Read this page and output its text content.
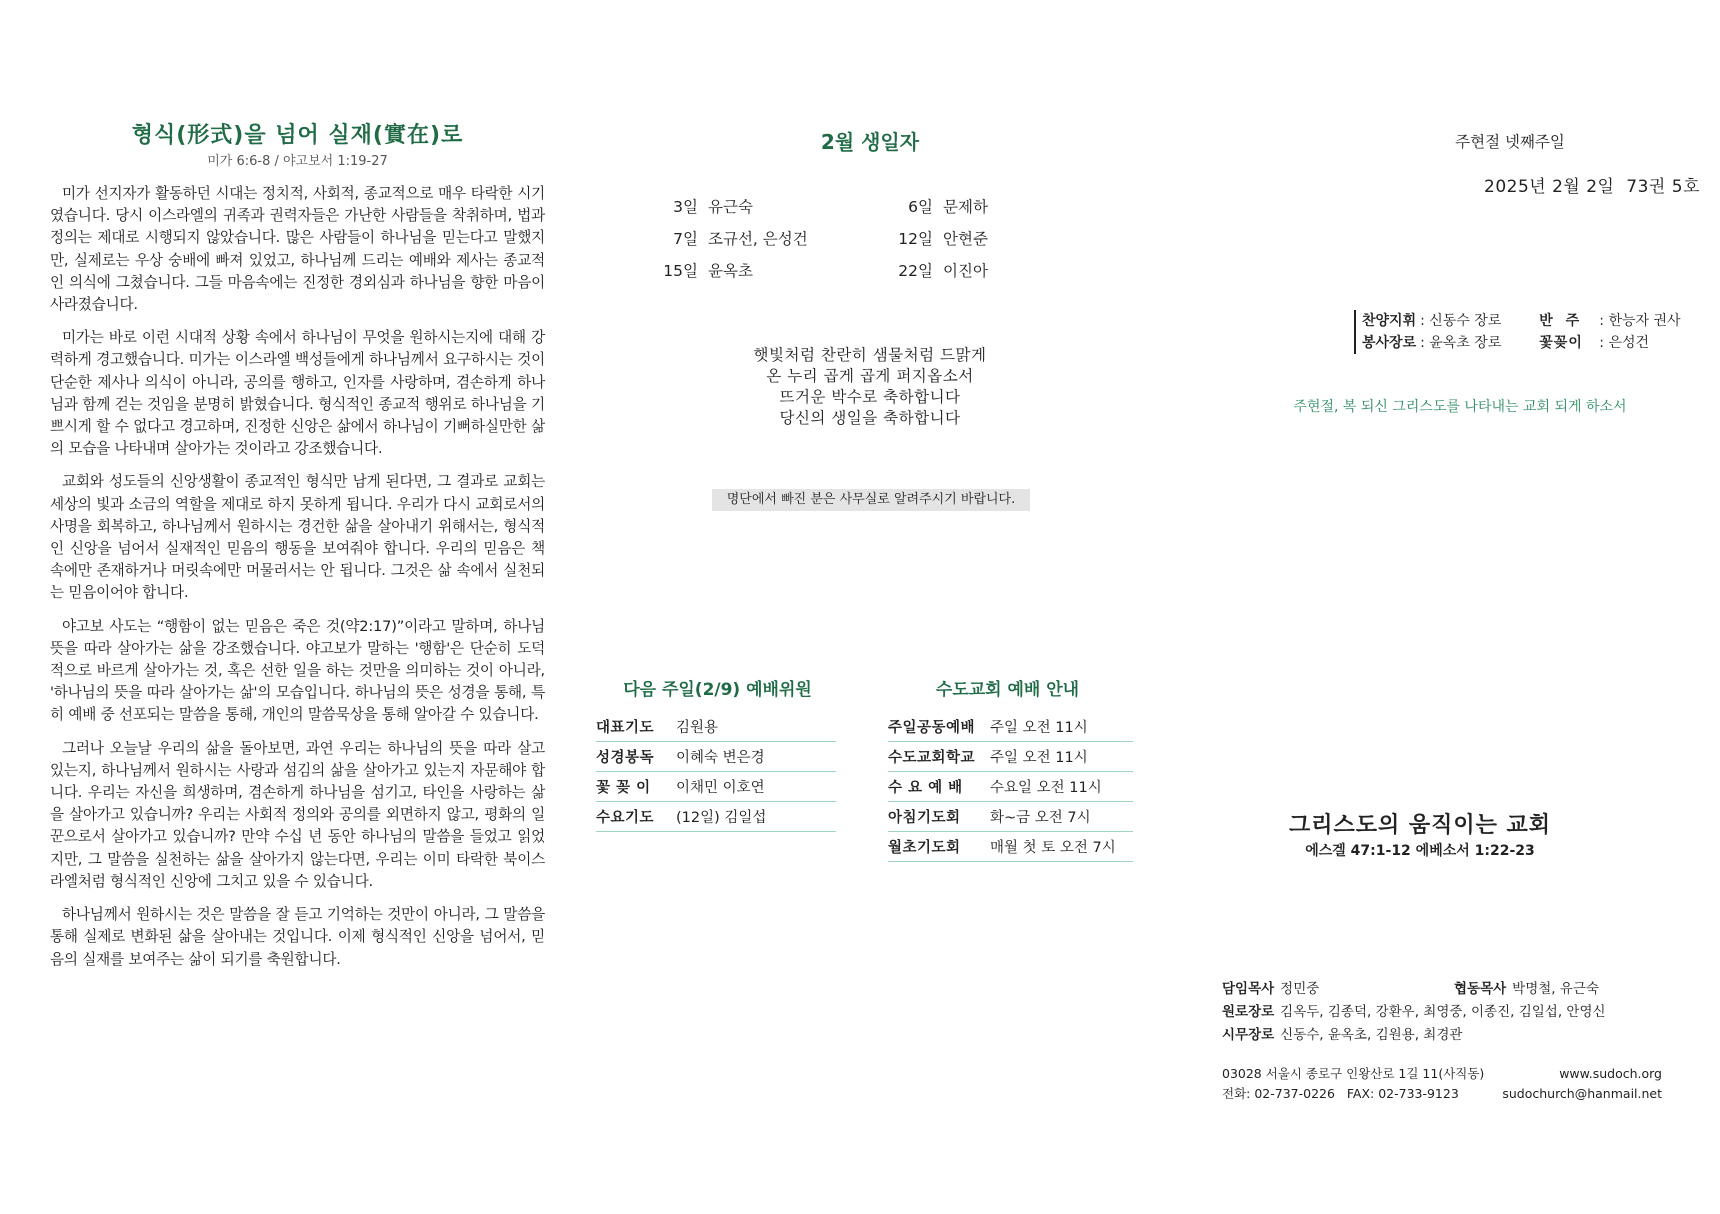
형식(形式)을 넘어 실재(實在)로
미가 6:6-8 / 야고보서 1:19-27

미가 선지자가 활동하던 시대는 정치적, 사회적, 종교적으로 매우 타락한 시기였습니다. 당시 이스라엘의 귀족과 권력자들은 가난한 사람들을 착취하며, 법과 정의는 제대로 시행되지 않았습니다. 많은 사람들이 하나님을 믿는다고 말했지만, 실제로는 우상 숭배에 빠져 있었고, 하나님께 드리는 예배와 제사는 종교적인 의식에 그쳤습니다. 그들 마음속에는 진정한 경외심과 하나님을 향한 마음이 사라졌습니다.

미가는 바로 이런 시대적 상황 속에서 하나님이 무엇을 원하시는지에 대해 강력하게 경고했습니다. 미가는 이스라엘 백성들에게 하나님께서 요구하시는 것이 단순한 제사나 의식이 아니라, 공의를 행하고, 인자를 사랑하며, 겸손하게 하나님과 함께 걷는 것임을 분명히 밝혔습니다. 형식적인 종교적 행위로 하나님을 기쁘시게 할 수 없다고 경고하며, 진정한 신앙은 삶에서 하나님이 기뻐하실만한 삶의 모습을 나타내며 살아가는 것이라고 강조했습니다.

교회와 성도들의 신앙생활이 종교적인 형식만 남게 된다면, 그 결과로 교회는 세상의 빛과 소금의 역할을 제대로 하지 못하게 됩니다. 우리가 다시 교회로서의 사명을 회복하고, 하나님께서 원하시는 경건한 삶을 살아내기 위해서는, 형식적인 신앙을 넘어서 실재적인 믿음의 행동을 보여줘야 합니다. 우리의 믿음은 책 속에만 존재하거나 머릿속에만 머물러서는 안 됩니다. 그것은 삶 속에서 실천되는 믿음이어야 합니다.

야고보 사도는 “행함이 없는 믿음은 죽은 것(약2:17)”이라고 말하며, 하나님 뜻을 따라 살아가는 삶을 강조했습니다. 야고보가 말하는 '행함'은 단순히 도덕적으로 바르게 살아가는 것, 혹은 선한 일을 하는 것만을 의미하는 것이 아니라, '하나님의 뜻을 따라 살아가는 삶'의 모습입니다. 하나님의 뜻은 성경을 통해, 특히 예배 중 선포되는 말씀을 통해, 개인의 말씀묵상을 통해 알아갈 수 있습니다.

그러나 오늘날 우리의 삶을 돌아보면, 과연 우리는 하나님의 뜻을 따라 살고 있는지, 하나님께서 원하시는 사랑과 섬김의 삶을 살아가고 있는지 자문해야 합니다. 우리는 자신을 희생하며, 겸손하게 하나님을 섬기고, 타인을 사랑하는 삶을 살아가고 있습니까? 우리는 사회적 정의와 공의를 외면하지 않고, 평화의 일꾼으로서 살아가고 있습니까? 만약 수십 년 동안 하나님의 말씀을 들었고 읽었지만, 그 말씀을 실천하는 삶을 살아가지 않는다면, 우리는 이미 타락한 북이스라엘처럼 형식적인 신앙에 그치고 있을 수 있습니다.

하나님께서 원하시는 것은 말씀을 잘 듣고 기억하는 것만이 아니라, 그 말씀을 통해 실제로 변화된 삶을 살아내는 것입니다. 이제 형식적인 신앙을 넘어서, 믿음의 실재를 보여주는 삶이 되기를 축원합니다.

2월 생일자
3일 유근숙	6일 문제하
7일 조규선, 은성건	12일 안현준
15일 윤옥초	22일 이진아
햇빛처럼 찬란히 샘물처럼 드맑게
온 누리 곱게 곱게 퍼지옵소서
뜨거운 박수로 축하합니다
당신의 생일을 축하합니다
명단에서 빠진 분은 사무실로 알려주시기 바랍니다.
다음 주일(2/9) 예배위원
대표기도	김원용
성경봉독	이혜숙 변은경
꽃 꽂 이	이채민 이호연
수요기도	(12일) 김일섭
수도교회 예배 안내
주일공동예배	주일 오전 11시
수도교회학교	주일 오전 11시
수 요 예 배	수요일 오전 11시
아침기도회	화~금 오전 7시
월초기도회	매월 첫 토 오전 7시
주현절 넷째주일
2025년 2월 2일 73권 5호
찬양지휘 : 신동수 장로	반 주	: 한능자 권사
봉사장로 : 윤옥초 장로	꽃꽂이	: 은성건
주현절, 복 되신 그리스도를 나타내는 교회 되게 하소서
그리스도의 움직이는 교회
에스겔 47:1-12 에베소서 1:22-23
담임목사 정민중	협동목사 박명철, 유근숙
원로장로 김옥두, 김종덕, 강환우, 최영중, 이종진, 김일섭, 안영신
시무장로 신동수, 윤옥초, 김원용, 최경관
03028 서울시 종로구 인왕산로 1길 11(사직동)	www.sudoch.org
전화: 02-737-0226   FAX: 02-733-9123	sudochurch@hanmail.net
